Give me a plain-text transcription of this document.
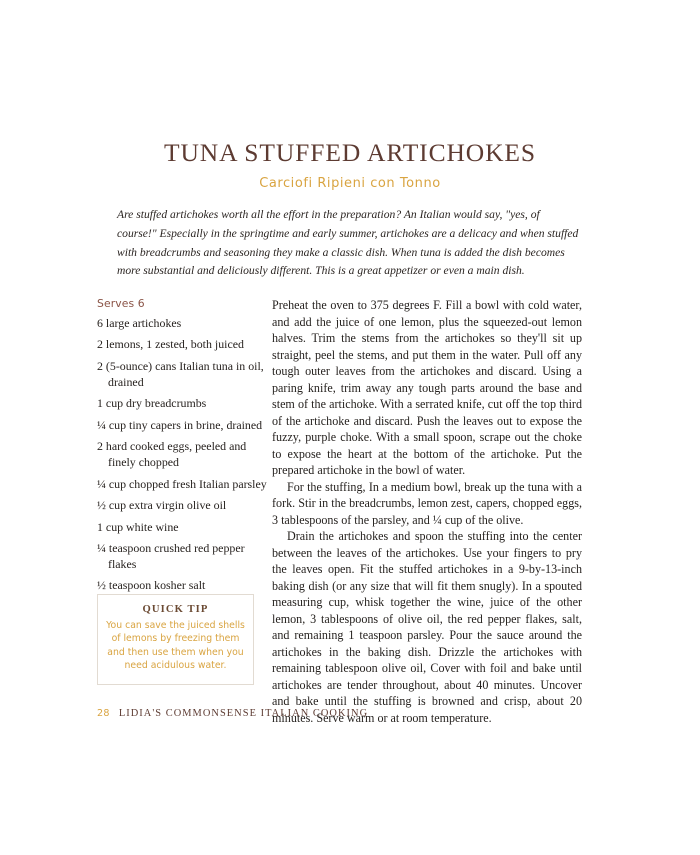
TUNA STUFFED ARTICHOKES
Carciofi Ripieni con Tonno
Are stuffed artichokes worth all the effort in the preparation? An Italian would say, "yes, of course!" Especially in the springtime and early summer, artichokes are a delicacy and when stuffed with breadcrumbs and seasoning they make a classic dish. When tuna is added the dish becomes more substantial and deliciously different. This is a great appetizer or even a main dish.
Serves 6
6 large artichokes
2 lemons, 1 zested, both juiced
2 (5-ounce) cans Italian tuna in oil, drained
1 cup dry breadcrumbs
¼ cup tiny capers in brine, drained
2 hard cooked eggs, peeled and finely chopped
¼ cup chopped fresh Italian parsley
½ cup extra virgin olive oil
1 cup white wine
¼ teaspoon crushed red pepper flakes
½ teaspoon kosher salt

Preheat the oven to 375 degrees F. Fill a bowl with cold water, and add the juice of one lemon, plus the squeezed-out lemon halves. Trim the stems from the artichokes so they'll sit up straight, peel the stems, and put them in the water. Pull off any tough outer leaves from the artichokes and discard. Using a paring knife, trim away any tough parts around the base and stem of the artichoke. With a serrated knife, cut off the top third of the artichoke and discard. Push the leaves out to expose the fuzzy, purple choke. With a small spoon, scrape out the choke to expose the heart at the bottom of the artichoke. Put the prepared artichoke in the bowl of water.

For the stuffing, In a medium bowl, break up the tuna with a fork. Stir in the breadcrumbs, lemon zest, capers, chopped eggs, 3 tablespoons of the parsley, and ¼ cup of the olive.

Drain the artichokes and spoon the stuffing into the center between the leaves of the artichokes. Use your fingers to pry the leaves open. Fit the stuffed artichokes in a 9-by-13-inch baking dish (or any size that will fit them snugly). In a spouted measuring cup, whisk together the wine, juice of the other lemon, 3 tablespoons of olive oil, the red pepper flakes, salt, and remaining 1 teaspoon parsley. Pour the sauce around the artichokes in the baking dish. Drizzle the artichokes with remaining tablespoon olive oil, Cover with foil and bake until artichokes are tender throughout, about 40 minutes. Uncover and bake until the stuffing is browned and crisp, about 20 minutes. Serve warm or at room temperature.

QUICK TIP
You can save the juiced shells of lemons by freezing them and then use them when you need acidulous water.
28 LIDIA'S COMMONSENSE ITALIAN COOKING
